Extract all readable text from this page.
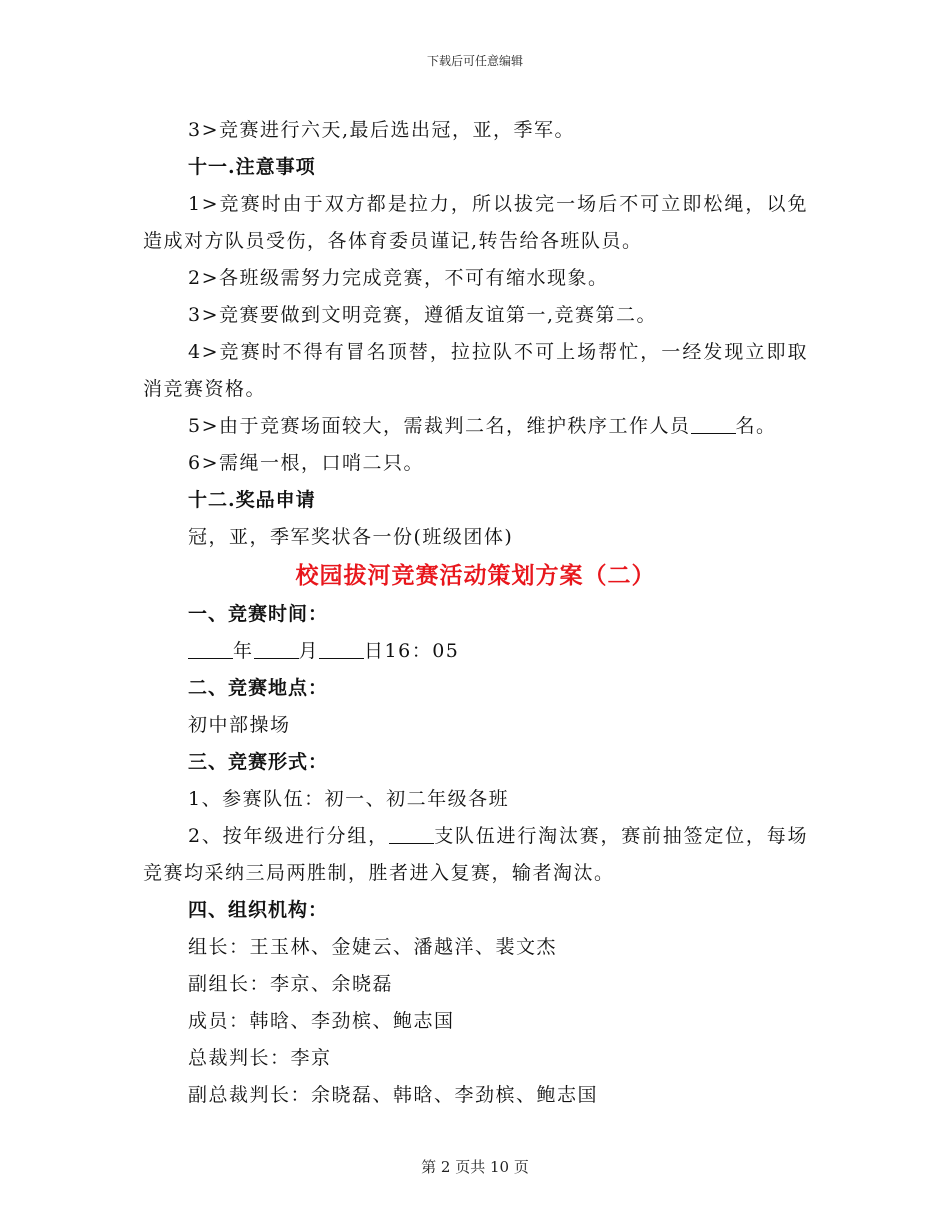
下载后可任意编辑

3>竞赛进行六天,最后选出冠，亚，季军。

十一.注意事项

1>竞赛时由于双方都是拉力，所以拔完一场后不可立即松绳，以免造成对方队员受伤，各体育委员谨记,转告给各班队员。

2>各班级需努力完成竞赛，不可有缩水现象。

3>竞赛要做到文明竞赛，遵循友谊第一,竞赛第二。

4>竞赛时不得有冒名顶替，拉拉队不可上场帮忙，一经发现立即取消竞赛资格。

5>由于竞赛场面较大，需裁判二名，维护秩序工作人员 名。

6>需绳一根，口哨二只。

十二.奖品申请

冠，亚，季军奖状各一份(班级团体)

校园拔河竞赛活动策划方案（二）

一、竞赛时间：

年 月 日16：05

二、竞赛地点：

初中部操场

三、竞赛形式：

1、参赛队伍：初一、初二年级各班

2、按年级进行分组， 支队伍进行淘汰赛，赛前抽签定位，每场竞赛均采纳三局两胜制，胜者进入复赛，输者淘汰。

四、组织机构：

组长：王玉林、金婕云、潘越洋、裴文杰

副组长：李京、余晓磊

成员：韩晗、李劲槟、鲍志国

总裁判长：李京

副总裁判长：余晓磊、韩晗、李劲槟、鲍志国

第 2 页共 10 页
